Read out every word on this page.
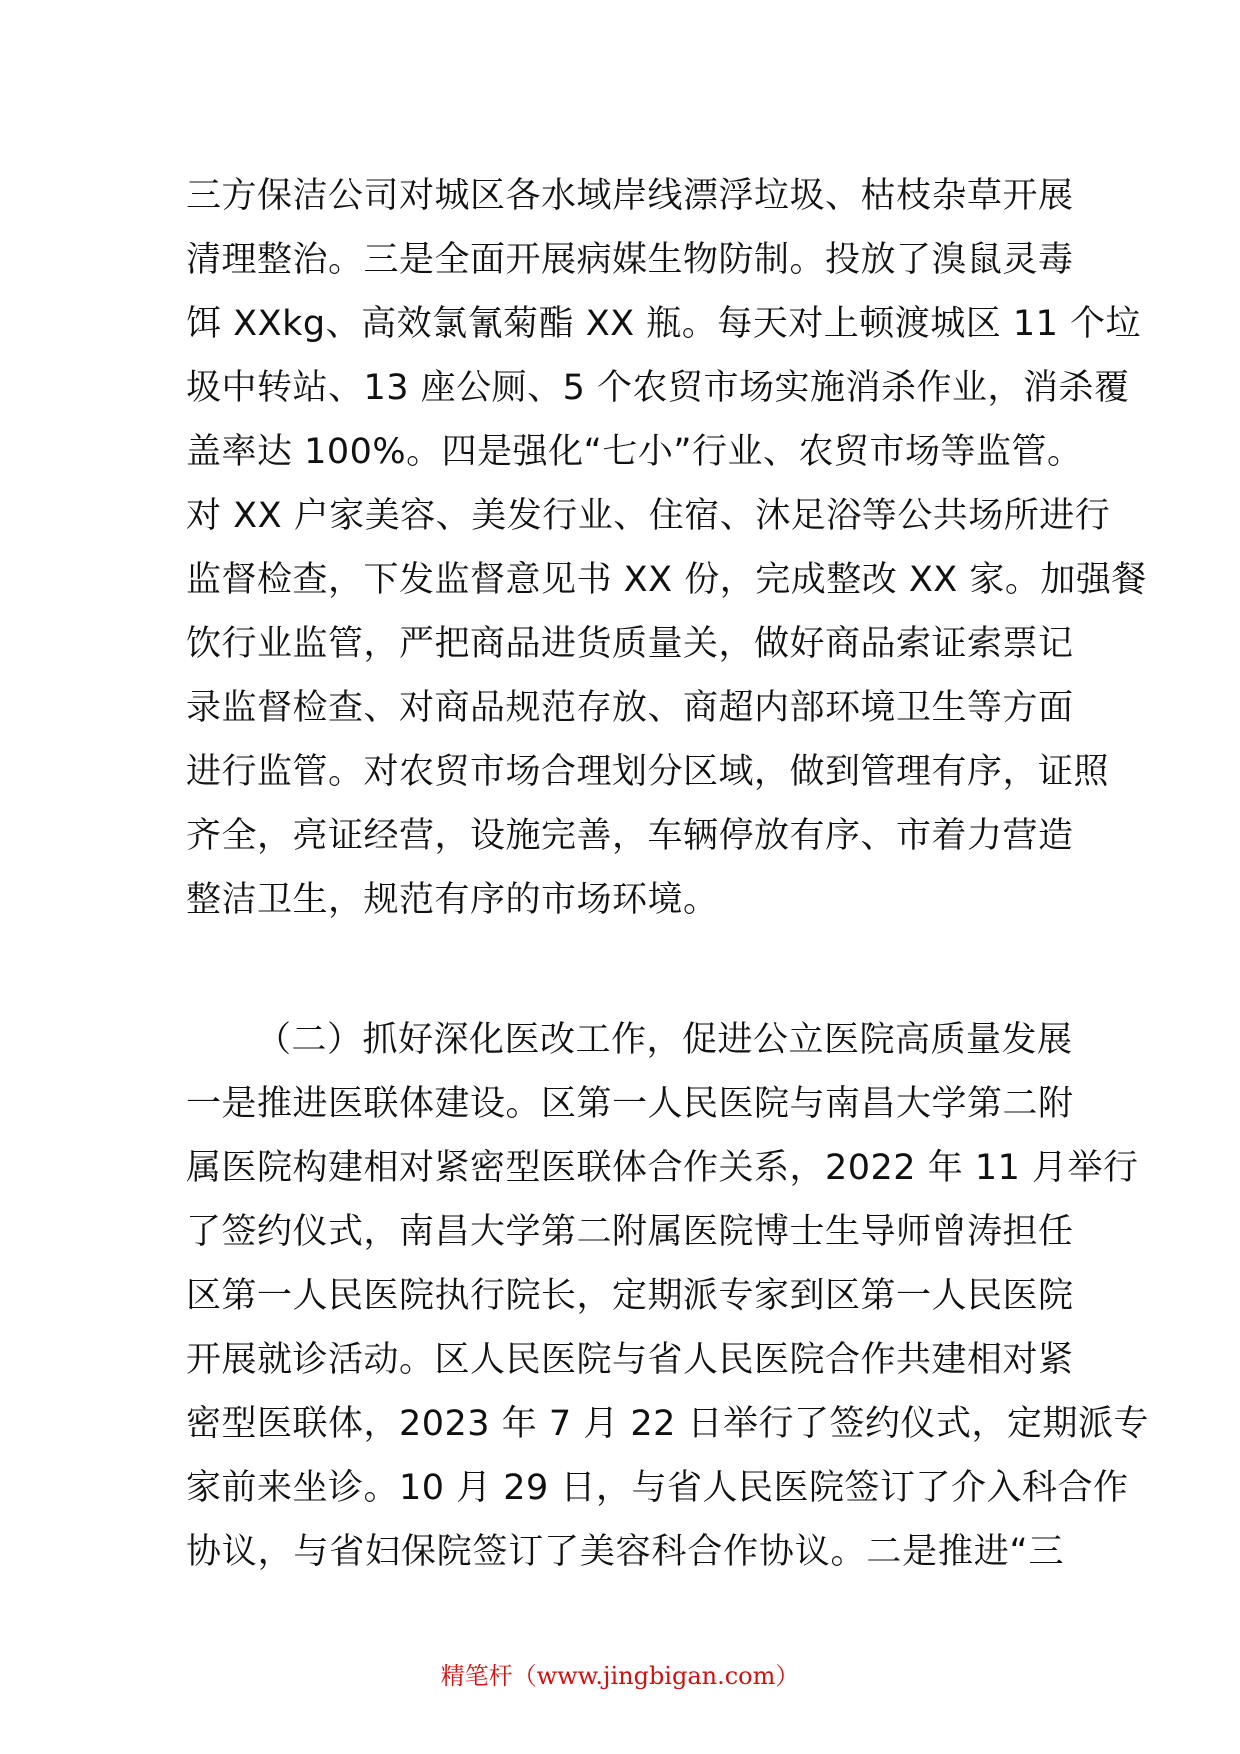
三方保洁公司对城区各水域岸线漂浮垃圾、枯枝杂草开展
清理整治。三是全面开展病媒生物防制。投放了溴鼠灵毒
饵 XXkg、高效氯氰菊酯 XX 瓶。每天对上顿渡城区 11 个垃
圾中转站、13 座公厕、5 个农贸市场实施消杀作业，消杀覆
盖率达 100%。四是强化“七小”行业、农贸市场等监管。
对 XX 户家美容、美发行业、住宿、沐足浴等公共场所进行
监督检查，下发监督意见书 XX 份，完成整改 XX 家。加强餐
饮行业监管，严把商品进货质量关，做好商品索证索票记
录监督检查、对商品规范存放、商超内部环境卫生等方面
进行监管。对农贸市场合理划分区域，做到管理有序，证照
齐全，亮证经营，设施完善，车辆停放有序、市着力营造
整洁卫生，规范有序的市场环境。
（二）抓好深化医改工作，促进公立医院高质量发展
一是推进医联体建设。区第一人民医院与南昌大学第二附
属医院构建相对紧密型医联体合作关系，2022 年 11 月举行
了签约仪式，南昌大学第二附属医院博士生导师曾涛担任
区第一人民医院执行院长，定期派专家到区第一人民医院
开展就诊活动。区人民医院与省人民医院合作共建相对紧
密型医联体，2023 年 7 月 22 日举行了签约仪式，定期派专
家前来坐诊。10 月 29 日，与省人民医院签订了介入科合作
协议，与省妇保院签订了美容科合作协议。二是推进“三
精笔杆（www.jingbigan.com）
